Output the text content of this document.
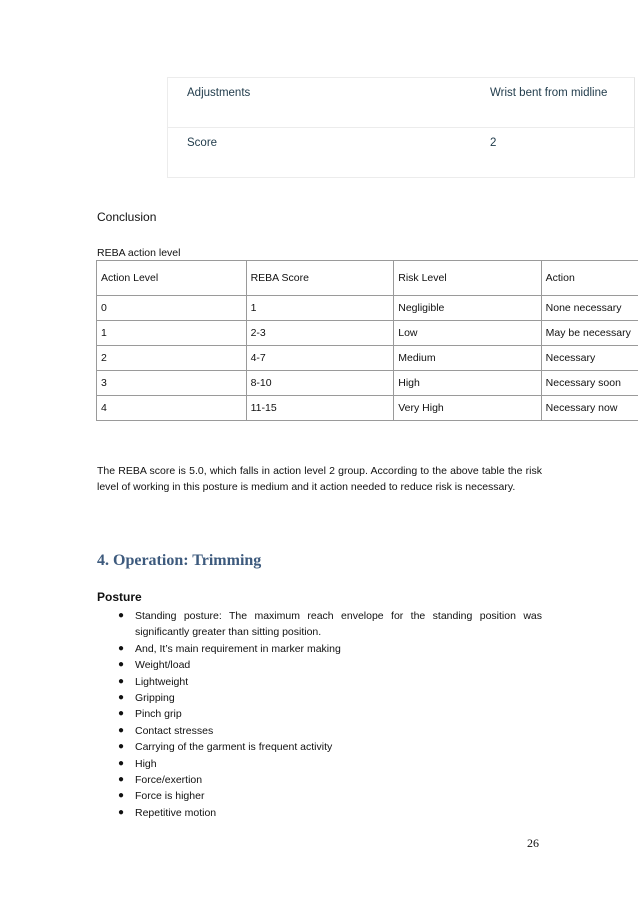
Adjustments	Wrist bent from midline
Score	2
Conclusion
REBA action level
Action Level	REBA Score	Risk Level	Action
0	1	Negligible	None necessary
1	2-3	Low	May be necessary
2	4-7	Medium	Necessary
3	8-10	High	Necessary soon
4	11-15	Very High	Necessary now

The REBA score is 5.0, which falls in action level 2 group. According to the above table the risk level of working in this posture is medium and it action needed to reduce risk is necessary.

4. Operation: Trimming
Posture
● Standing posture: The maximum reach envelope for the standing position was significantly greater than sitting position.
● And, It’s main requirement in marker making
● Weight/load
● Lightweight
● Gripping
● Pinch grip
● Contact stresses
● Carrying of the garment is frequent activity
● High
● Force/exertion
● Force is higher
● Repetitive motion
26
